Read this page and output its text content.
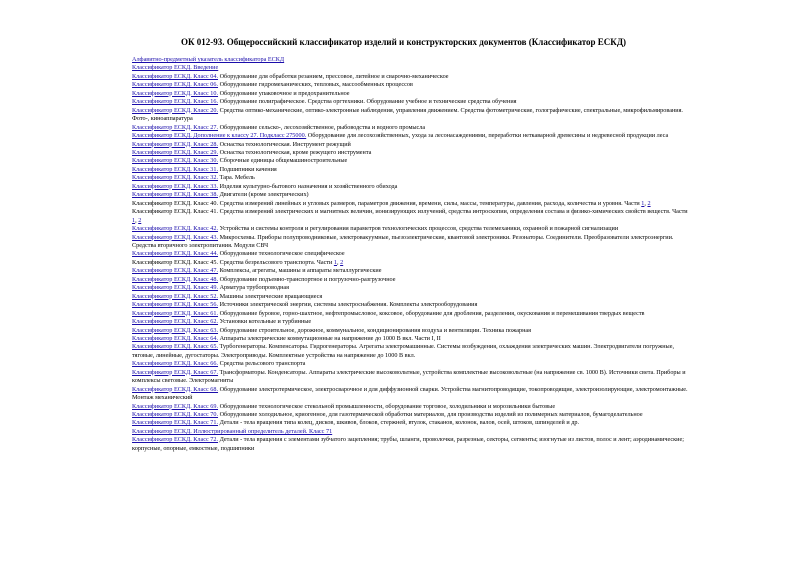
ОК 012-93. Общероссийский классификатор изделий и конструкторских документов (Классификатор ЕСКД)
Алфавитно-предметный указатель классификатора ЕСКД
Классификатор ЕСКД. Введение
Классификатор ЕСКД. Класс 04. Оборудование для обработки резанием, прессовое, литейное и сварочно-механическое
Классификатор ЕСКД. Класс 06. Оборудование гидромеханических, тепловых, массообменных процессов
Классификатор ЕСКД. Класс 10. Оборудование упаковочное и предохранительное
Классификатор ЕСКД. Класс 16. Оборудование полиграфическое. Средства оргтехники. Оборудование учебное и технические средства обучения
Классификатор ЕСКД. Класс 20. Средства оптико-механические, оптико-электронные наблюдения, управления движением. Средства фотометрические, голографические, спектральные, микрофильмирования. Фото-, киноаппаратура
Классификатор ЕСКД. Класс 27. Оборудование сельско-, лесохозяйственное, рыбоводства и водного промысла
Классификатор ЕСКД. Дополнение к классу 27. Подкласс 275000. Оборудование для лесохозяйственных, ухода за лесонасаждениями, переработки неткаварной древесины и недревесной продукции леса
Классификатор ЕСКД. Класс 28. Оснастка технологическая. Инструмент режущий
Классификатор ЕСКД. Класс 29. Оснастка технологическая, кроме режущего инструмента
Классификатор ЕСКД. Класс 30. Сборочные единицы общемашиностроительные
Классификатор ЕСКД. Класс 31. Подшипники качения
Классификатор ЕСКД. Класс 32. Тара. Мебель
Классификатор ЕСКД. Класс 33. Изделия культурно-бытового назначения и хозяйственного обихода
Классификатор ЕСКД. Класс 38. Двигатели (кроме электрических)
Классификатор ЕСКД. Класс 40. Средства измерений линейных и угловых размеров, параметров движения, времени, силы, массы, температуры, давления, расхода, количества и уровня. Части 1, 2
Классификатор ЕСКД. Класс 41. Средства измерений электрических и магнитных величин, ионизирующих излучений, средства интроскопии, определения состава и физико-химических свойств веществ. Части 1, 2
Классификатор ЕСКД. Класс 42. Устройства и системы контроля и регулирования параметров технологических процессов, средства телемеханики, охранной и пожарной сигнализации
Классификатор ЕСКД. Класс 43. Микросхемы. Приборы полупроводниковые, электровакуумные, пьезоэлектрические, квантовой электроники. Резонаторы. Соединители. Преобразователи электроэнергии. Средства вторичного электропитания. Модули СВЧ
Классификатор ЕСКД. Класс 44. Оборудование технологическое специфическое
Классификатор ЕСКД. Класс 45. Средства безрельсового транспорта. Части 1, 2
Классификатор ЕСКД. Класс 47. Комплексы, агрегаты, машины и аппараты металлургические
Классификатор ЕСКД. Класс 48. Оборудование подъемно-транспортное и погрузочно-разгрузочное
Классификатор ЕСКД. Класс 49. Арматура трубопроводная
Классификатор ЕСКД. Класс 52. Машины электрические вращающиеся
Классификатор ЕСКД. Класс 56. Источники электрической энергии, системы электроснабжения. Комплекты электрооборудования
Классификатор ЕСКД. Класс 61. Оборудование буровое, горно-шахтное, нефтепромысловое, коксовое, оборудование для дробления, разделения, окускования и перемешивания твердых веществ
Классификатор ЕСКД. Класс 62. Установки котельные и турбинные
Классификатор ЕСКД. Класс 63. Оборудование строительное, дорожное, коммунальное, кондиционирования воздуха и вентиляции. Техника пожарная
Классификатор ЕСКД. Класс 64. Аппараты электрические коммутационные на напряжение до 1000 В вкл. Части I, II
Классификатор ЕСКД. Класс 65. Турбогенераторы. Компенсаторы. Гидрогенераторы. Агрегаты электромашинные. Системы возбуждения, охлаждения электрических машин. Электродвигатели погружные, тяговые, линейные, дугостаторы. Электроприводы. Комплектные устройства на напряжение до 1000 В вкл.
Классификатор ЕСКД. Класс 66. Средства рельсового транспорта
Классификатор ЕСКД. Класс 67. Трансформаторы. Конденсаторы. Аппараты электрические высоковольтные, устройства комплектные высоковольтные (на напряжение св. 1000 В). Источники света. Приборы и комплексы световые. Электромагниты
Классификатор ЕСКД. Класс 68. Оборудование электротермическое, электросварочное и для диффузионной сварки. Устройства магнитопроводящие, токопроводящие, электроизолирующие, электромонтажные. Монтаж механический
Классификатор ЕСКД. Класс 69. Оборудование технологическое стекольной промышленности, оборудование торговое, холодильники и морозильники бытовые
Классификатор ЕСКД. Класс 70. Оборудование холодильное, криогенное, для газотермической обработки материалов, для производства изделий из полимерных материалов, бумагоделательное
Классификатор ЕСКД. Класс 71. Детали - тела вращения типа колец, дисков, шкивов, блоков, стержней, втулок, стаканов, колонок, валов, осей, штоков, шпинделей и др.
Классификатор ЕСКД. Иллюстрированный определитель деталей. Класс 71
Классификатор ЕСКД. Класс 72. Детали - тела вращения с элементами зубчатого зацепления; трубы, шланги, проволочки, разрезные, секторы, сегменты; изогнутые из листов, полос и лент; аэродинамические; корпусные, опорные, емкостные, подшипники
